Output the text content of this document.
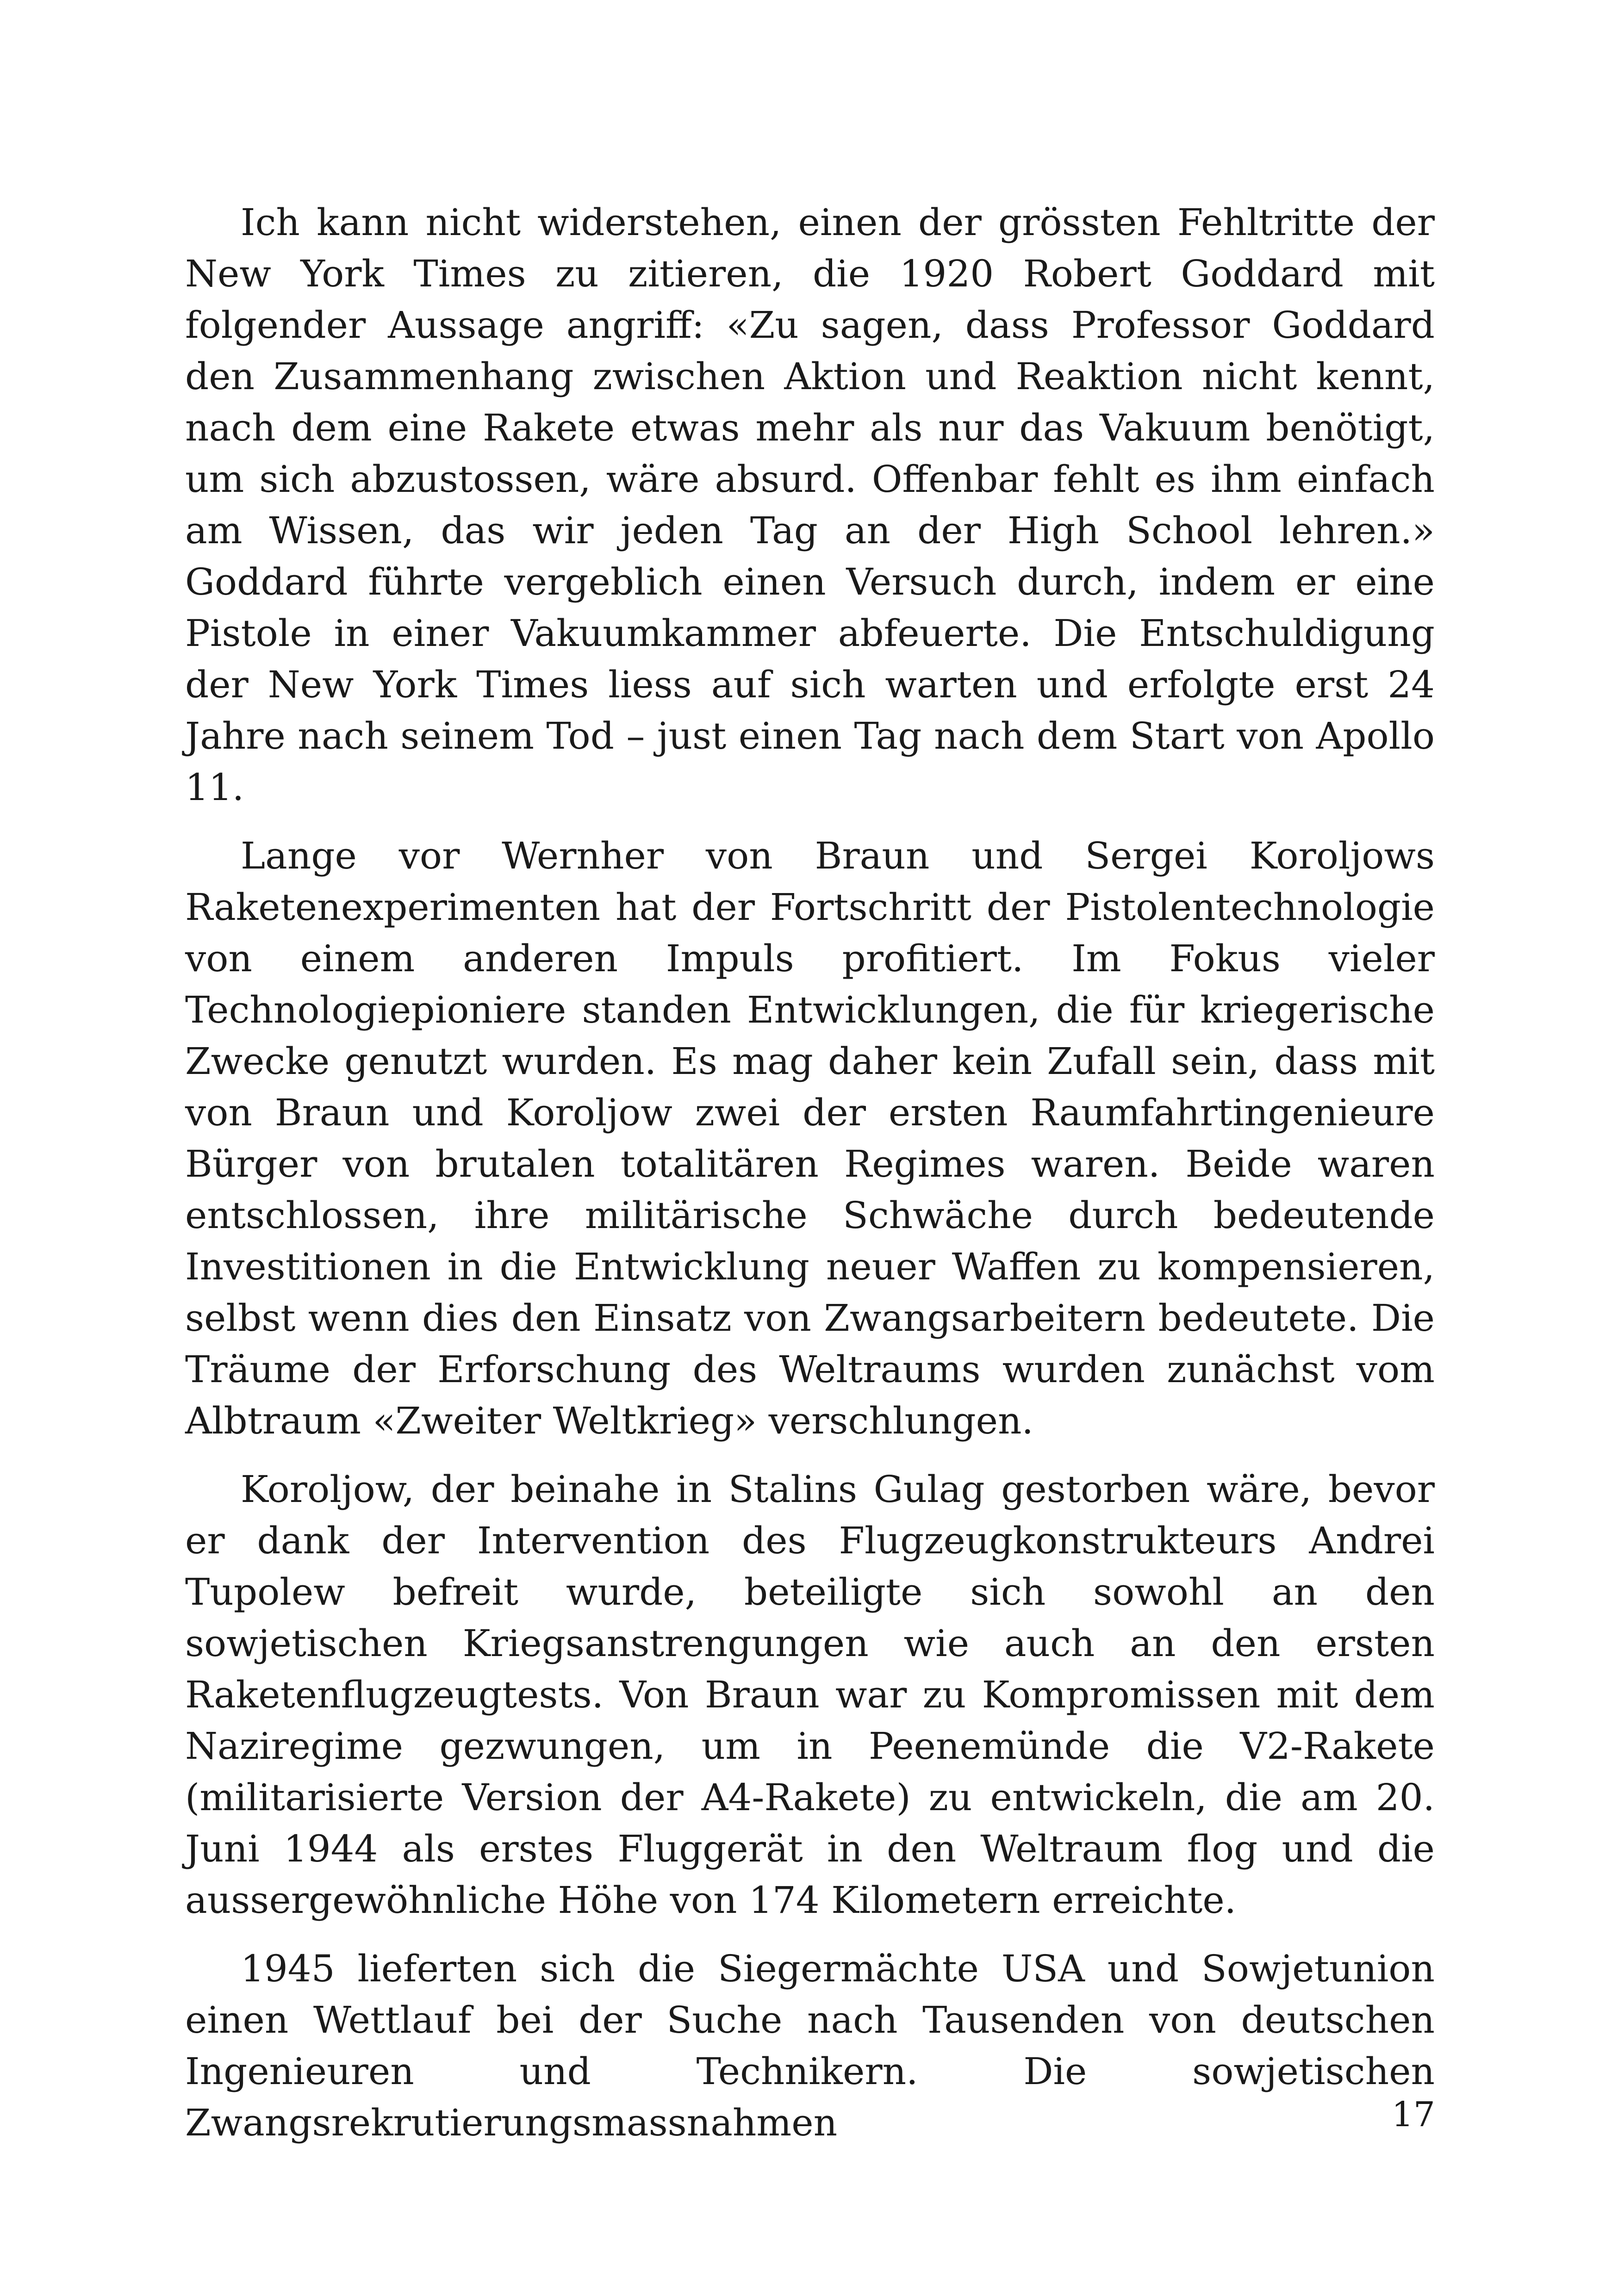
Ich kann nicht widerstehen, einen der grössten Fehltritte der New York Times zu zitieren, die 1920 Robert Goddard mit folgender Aussage angriff: «Zu sagen, dass Professor Goddard den Zusammenhang zwischen Aktion und Reaktion nicht kennt, nach dem eine Rakete etwas mehr als nur das Vakuum benötigt, um sich abzustossen, wäre absurd. Offenbar fehlt es ihm einfach am Wissen, das wir jeden Tag an der High School lehren.» Goddard führte vergeblich einen Versuch durch, indem er eine Pistole in einer Vakuumkammer abfeuerte. Die Entschuldigung der New York Times liess auf sich warten und erfolgte erst 24 Jahre nach seinem Tod – just einen Tag nach dem Start von Apollo 11.

Lange vor Wernher von Braun und Sergei Koroljows Raketenexperimenten hat der Fortschritt der Pistolentechnologie von einem anderen Impuls profitiert. Im Fokus vieler Technologiepioniere standen Entwicklungen, die für kriegerische Zwecke genutzt wurden. Es mag daher kein Zufall sein, dass mit von Braun und Koroljow zwei der ersten Raumfahrtingenieure Bürger von brutalen totalitären Regimes waren. Beide waren entschlossen, ihre militärische Schwäche durch bedeutende Investitionen in die Entwicklung neuer Waffen zu kompensieren, selbst wenn dies den Einsatz von Zwangsarbeitern bedeutete. Die Träume der Erforschung des Weltraums wurden zunächst vom Albtraum «Zweiter Weltkrieg» verschlungen.

Koroljow, der beinahe in Stalins Gulag gestorben wäre, bevor er dank der Intervention des Flugzeugkonstrukteurs Andrei Tupolew befreit wurde, beteiligte sich sowohl an den sowjetischen Kriegsanstrengungen wie auch an den ersten Raketenflugzeugtests. Von Braun war zu Kompromissen mit dem Naziregime gezwungen, um in Peenemünde die V2-Rakete (militarisierte Version der A4-Rakete) zu entwickeln, die am 20. Juni 1944 als erstes Fluggerät in den Weltraum flog und die aussergewöhnliche Höhe von 174 Kilometern erreichte.

1945 lieferten sich die Siegermächte USA und Sowjetunion einen Wettlauf bei der Suche nach Tausenden von deutschen Ingenieuren und Technikern. Die sowjetischen Zwangsrekrutierungsmassnahmen	17
